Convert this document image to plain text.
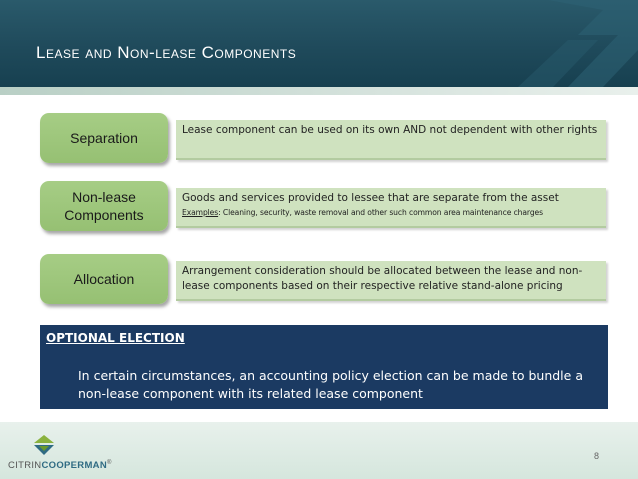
Lease and Non-lease Components
Separation	Lease component can be used on its own AND not dependent with other rights
Non-lease
Components
Goods and services provided to lessee that are separate from the asset
Examples: Cleaning, security, waste removal and other such common area maintenance charges
Allocation	Arrangement consideration should be allocated between the lease and non-lease components based on their respective relative stand-alone pricing
OPTIONAL ELECTION
In certain circumstances, an accounting policy election can be made to bundle a non-lease component with its related lease component
CITRINCOOPERMAN®
8
